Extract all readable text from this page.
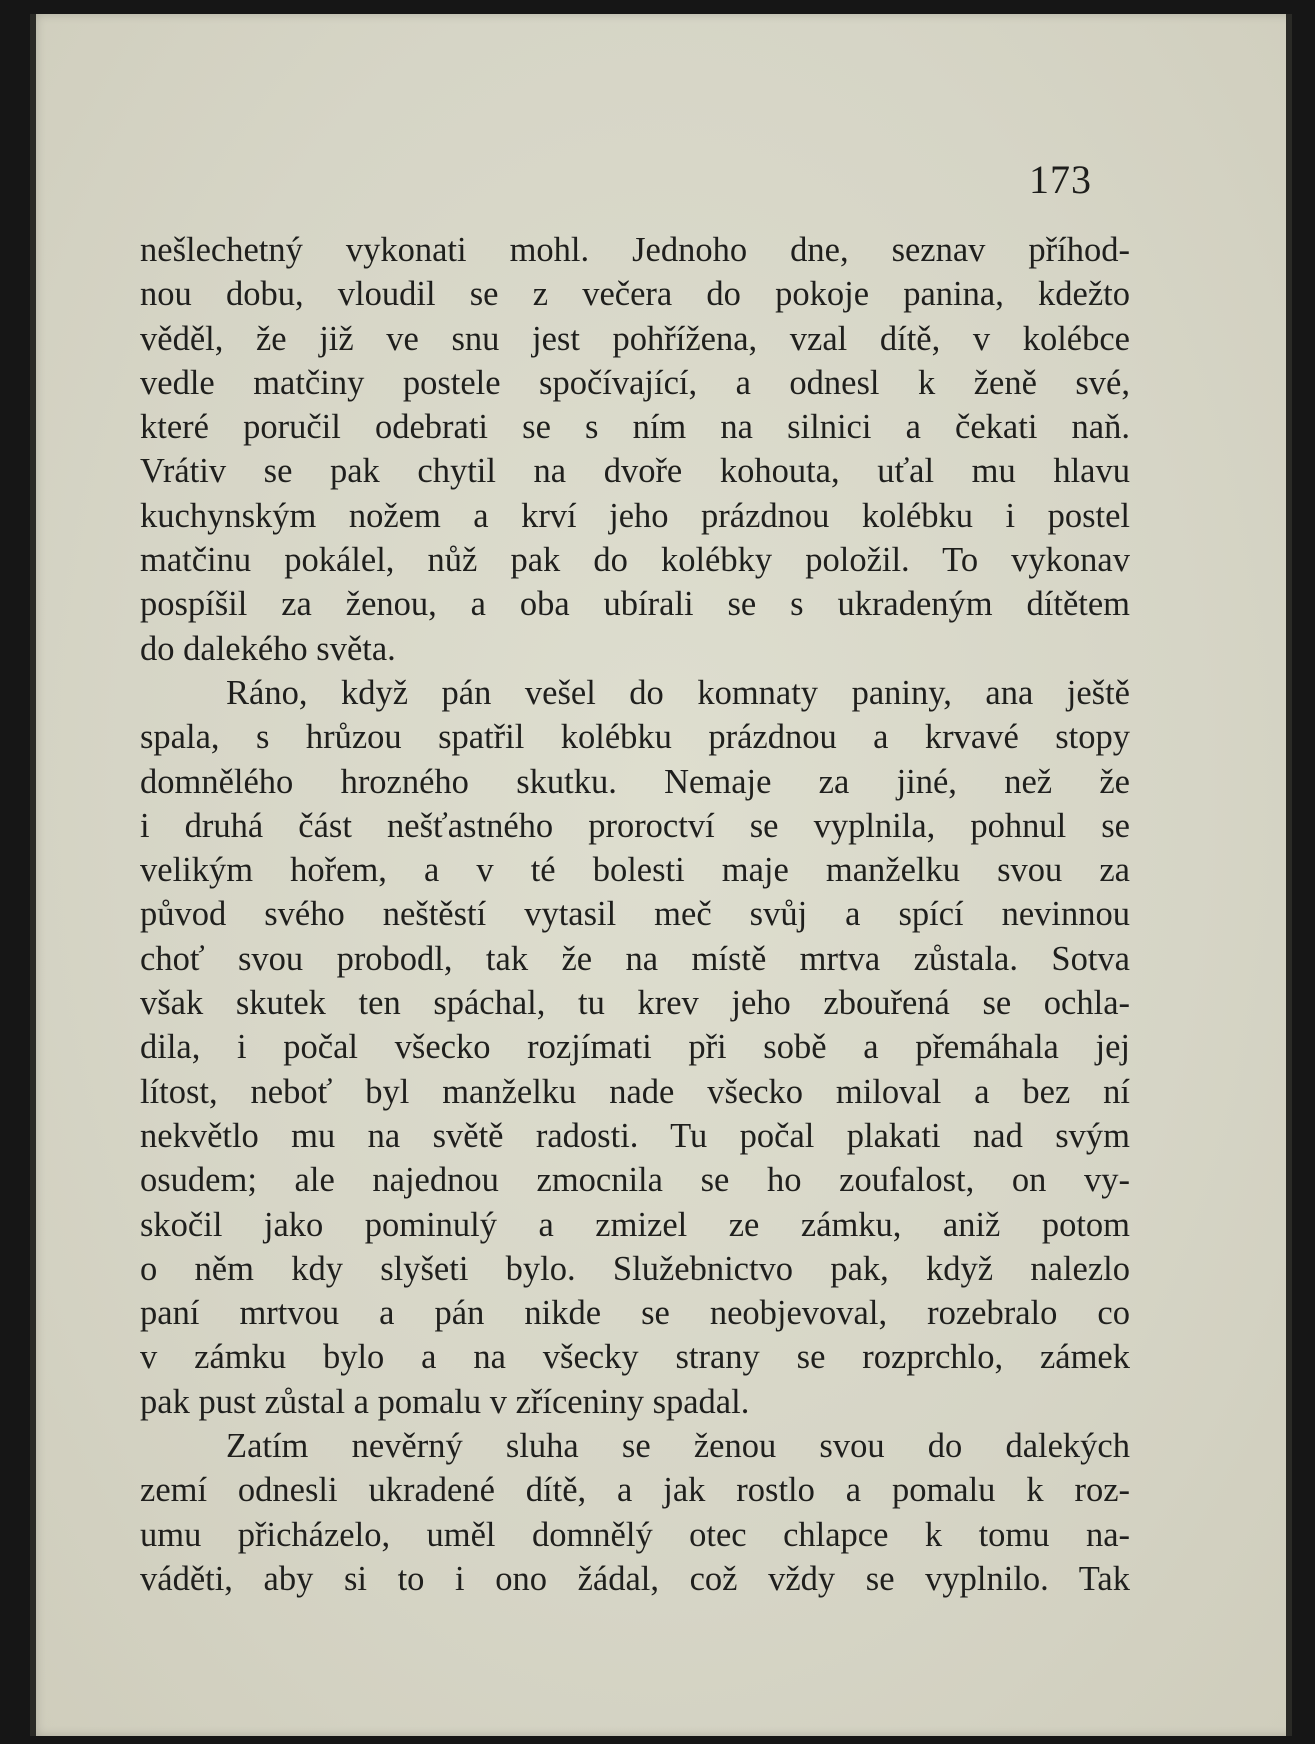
173
nešlechetný vykonati mohl. Jednoho dne, seznav příhod-
nou dobu, vloudil se z večera do pokoje panina, kdežto
věděl, že již ve snu jest pohřížena, vzal dítě, v kolébce
vedle matčiny postele spočívající, a odnesl k ženě své,
které poručil odebrati se s ním na silnici a čekati naň.
Vrátiv se pak chytil na dvoře kohouta, uťal mu hlavu
kuchynským nožem a krví jeho prázdnou kolébku i postel
matčinu pokálel, nůž pak do kolébky položil. To vykonav
pospíšil za ženou, a oba ubírali se s ukradeným dítětem
do dalekého světa.
Ráno, když pán vešel do komnaty paniny, ana ještě
spala, s hrůzou spatřil kolébku prázdnou a krvavé stopy
domnělého hrozného skutku. Nemaje za jiné, než že
i druhá část nešťastného proroctví se vyplnila, pohnul se
velikým hořem, a v té bolesti maje manželku svou za
původ svého neštěstí vytasil meč svůj a spící nevinnou
choť svou probodl, tak že na místě mrtva zůstala. Sotva
však skutek ten spáchal, tu krev jeho zbouřená se ochla-
dila, i počal všecko rozjímati při sobě a přemáhala jej
lítost, neboť byl manželku nade všecko miloval a bez ní
nekvětlo mu na světě radosti. Tu počal plakati nad svým
osudem; ale najednou zmocnila se ho zoufalost, on vy-
skočil jako pominulý a zmizel ze zámku, aniž potom
o něm kdy slyšeti bylo. Služebnictvo pak, když nalezlo
paní mrtvou a pán nikde se neobjevoval, rozebralo co
v zámku bylo a na všecky strany se rozprchlo, zámek
pak pust zůstal a pomalu v zříceniny spadal.
Zatím nevěrný sluha se ženou svou do dalekých
zemí odnesli ukradené dítě, a jak rostlo a pomalu k roz-
umu přicházelo, uměl domnělý otec chlapce k tomu na-
váděti, aby si to i ono žádal, což vždy se vyplnilo. Tak
